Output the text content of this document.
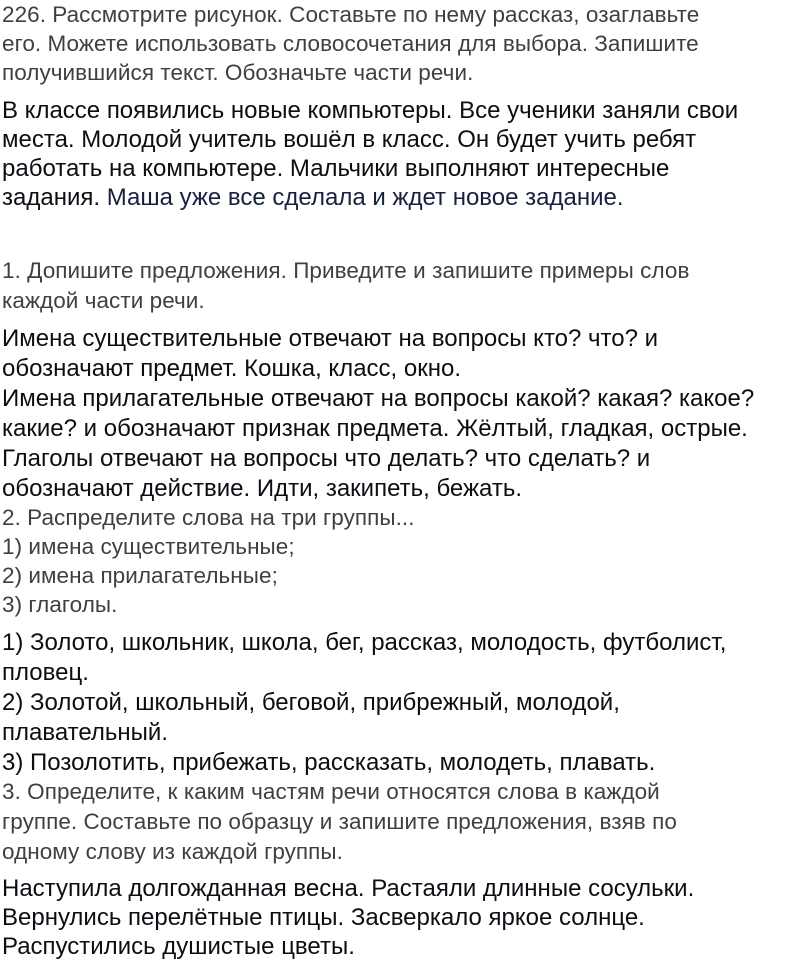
226. Рассмотрите рисунок. Составьте по нему рассказ, озаглавьте
его. Можете использовать словосочетания для выбора. Запишите
получившийся текст. Обозначьте части речи.
В классе появились новые компьютеры. Все ученики заняли свои
места. Молодой учитель вошёл в класс. Он будет учить ребят
работать на компьютере. Мальчики выполняют интересные
задания. Маша уже все сделала и ждет новое задание.
1. Допишите предложения. Приведите и запишите примеры слов
каждой части речи.
Имена существительные отвечают на вопросы кто? что? и
обозначают предмет. Кошка, класс, окно.
Имена прилагательные отвечают на вопросы какой? какая? какое?
какие? и обозначают признак предмета. Жёлтый, гладкая, острые.
Глаголы отвечают на вопросы что делать? что сделать? и
обозначают действие. Идти, закипеть, бежать.
2. Распределите слова на три группы...
1) имена существительные;
2) имена прилагательные;
3) глаголы.
1) Золото, школьник, школа, бег, рассказ, молодость, футболист,
пловец.
2) Золотой, школьный, беговой, прибрежный, молодой,
плавательный.
3) Позолотить, прибежать, рассказать, молодеть, плавать.
3. Определите, к каким частям речи относятся слова в каждой
группе. Составьте по образцу и запишите предложения, взяв по
одному слову из каждой группы.
Наступила долгожданная весна. Растаяли длинные сосульки.
Вернулись перелётные птицы. Засверкало яркое солнце.
Распустились душистые цветы.
